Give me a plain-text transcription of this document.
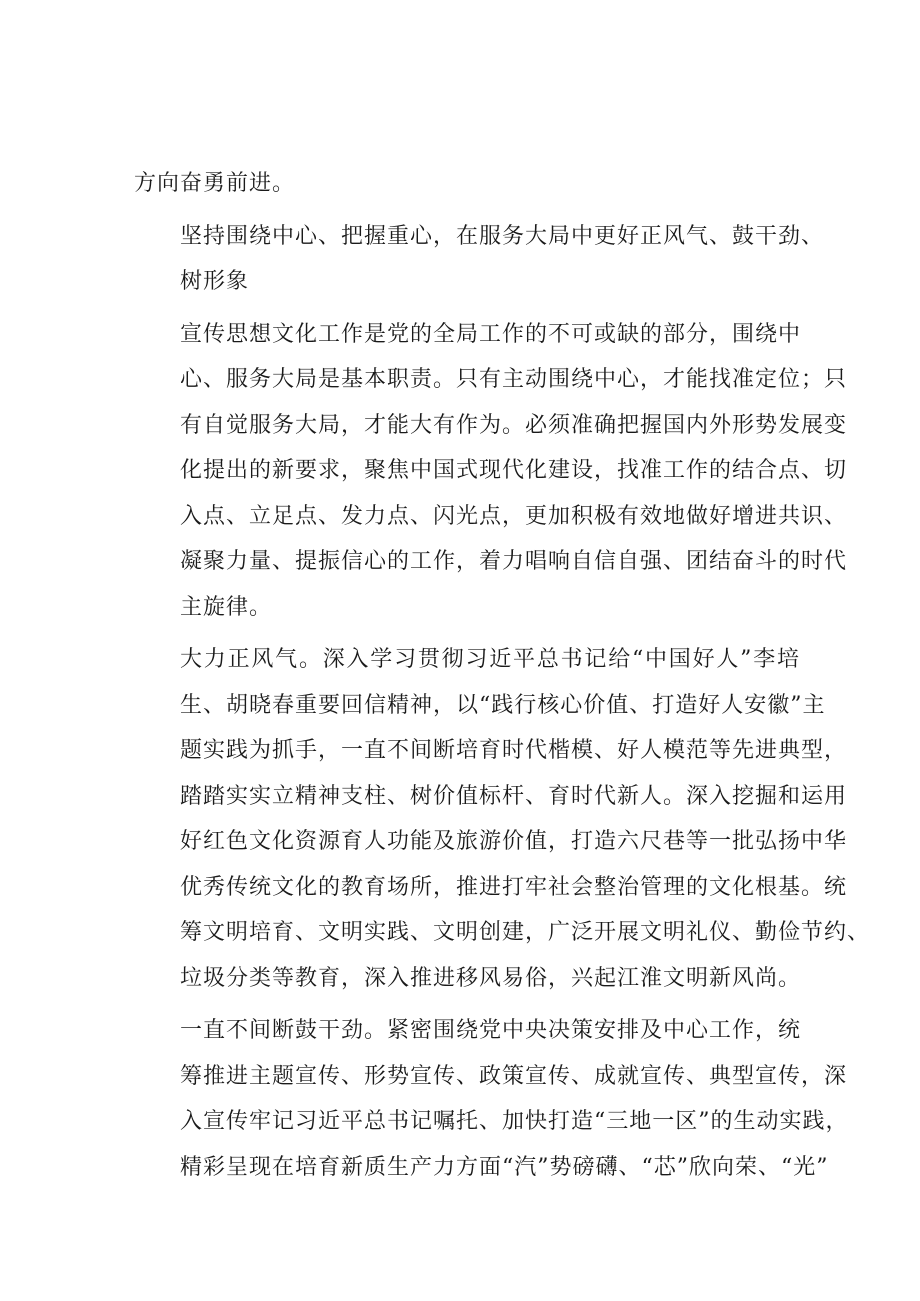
方向奋勇前进。

坚持围绕中心、把握重心，在服务大局中更好正风气、鼓干劲、
树形象

宣传思想文化工作是党的全局工作的不可或缺的部分，围绕中
心、服务大局是基本职责。只有主动围绕中心，才能找准定位；只
有自觉服务大局，才能大有作为。必须准确把握国内外形势发展变
化提出的新要求，聚焦中国式现代化建设，找准工作的结合点、切
入点、立足点、发力点、闪光点，更加积极有效地做好增进共识、
凝聚力量、提振信心的工作，着力唱响自信自强、团结奋斗的时代
主旋律。

大力正风气。深入学习贯彻习近平总书记给“中国好人”李培
生、胡晓春重要回信精神，以“践行核心价值、打造好人安徽”主
题实践为抓手，一直不间断培育时代楷模、好人模范等先进典型，
踏踏实实立精神支柱、树价值标杆、育时代新人。深入挖掘和运用
好红色文化资源育人功能及旅游价值，打造六尺巷等一批弘扬中华
优秀传统文化的教育场所，推进打牢社会整治管理的文化根基。统
筹文明培育、文明实践、文明创建，广泛开展文明礼仪、勤俭节约、
垃圾分类等教育，深入推进移风易俗，兴起江淮文明新风尚。

一直不间断鼓干劲。紧密围绕党中央决策安排及中心工作，统
筹推进主题宣传、形势宣传、政策宣传、成就宣传、典型宣传，深
入宣传牢记习近平总书记嘱托、加快打造“三地一区”的生动实践，
精彩呈现在培育新质生产力方面“汽”势磅礴、“芯”欣向荣、“光”
